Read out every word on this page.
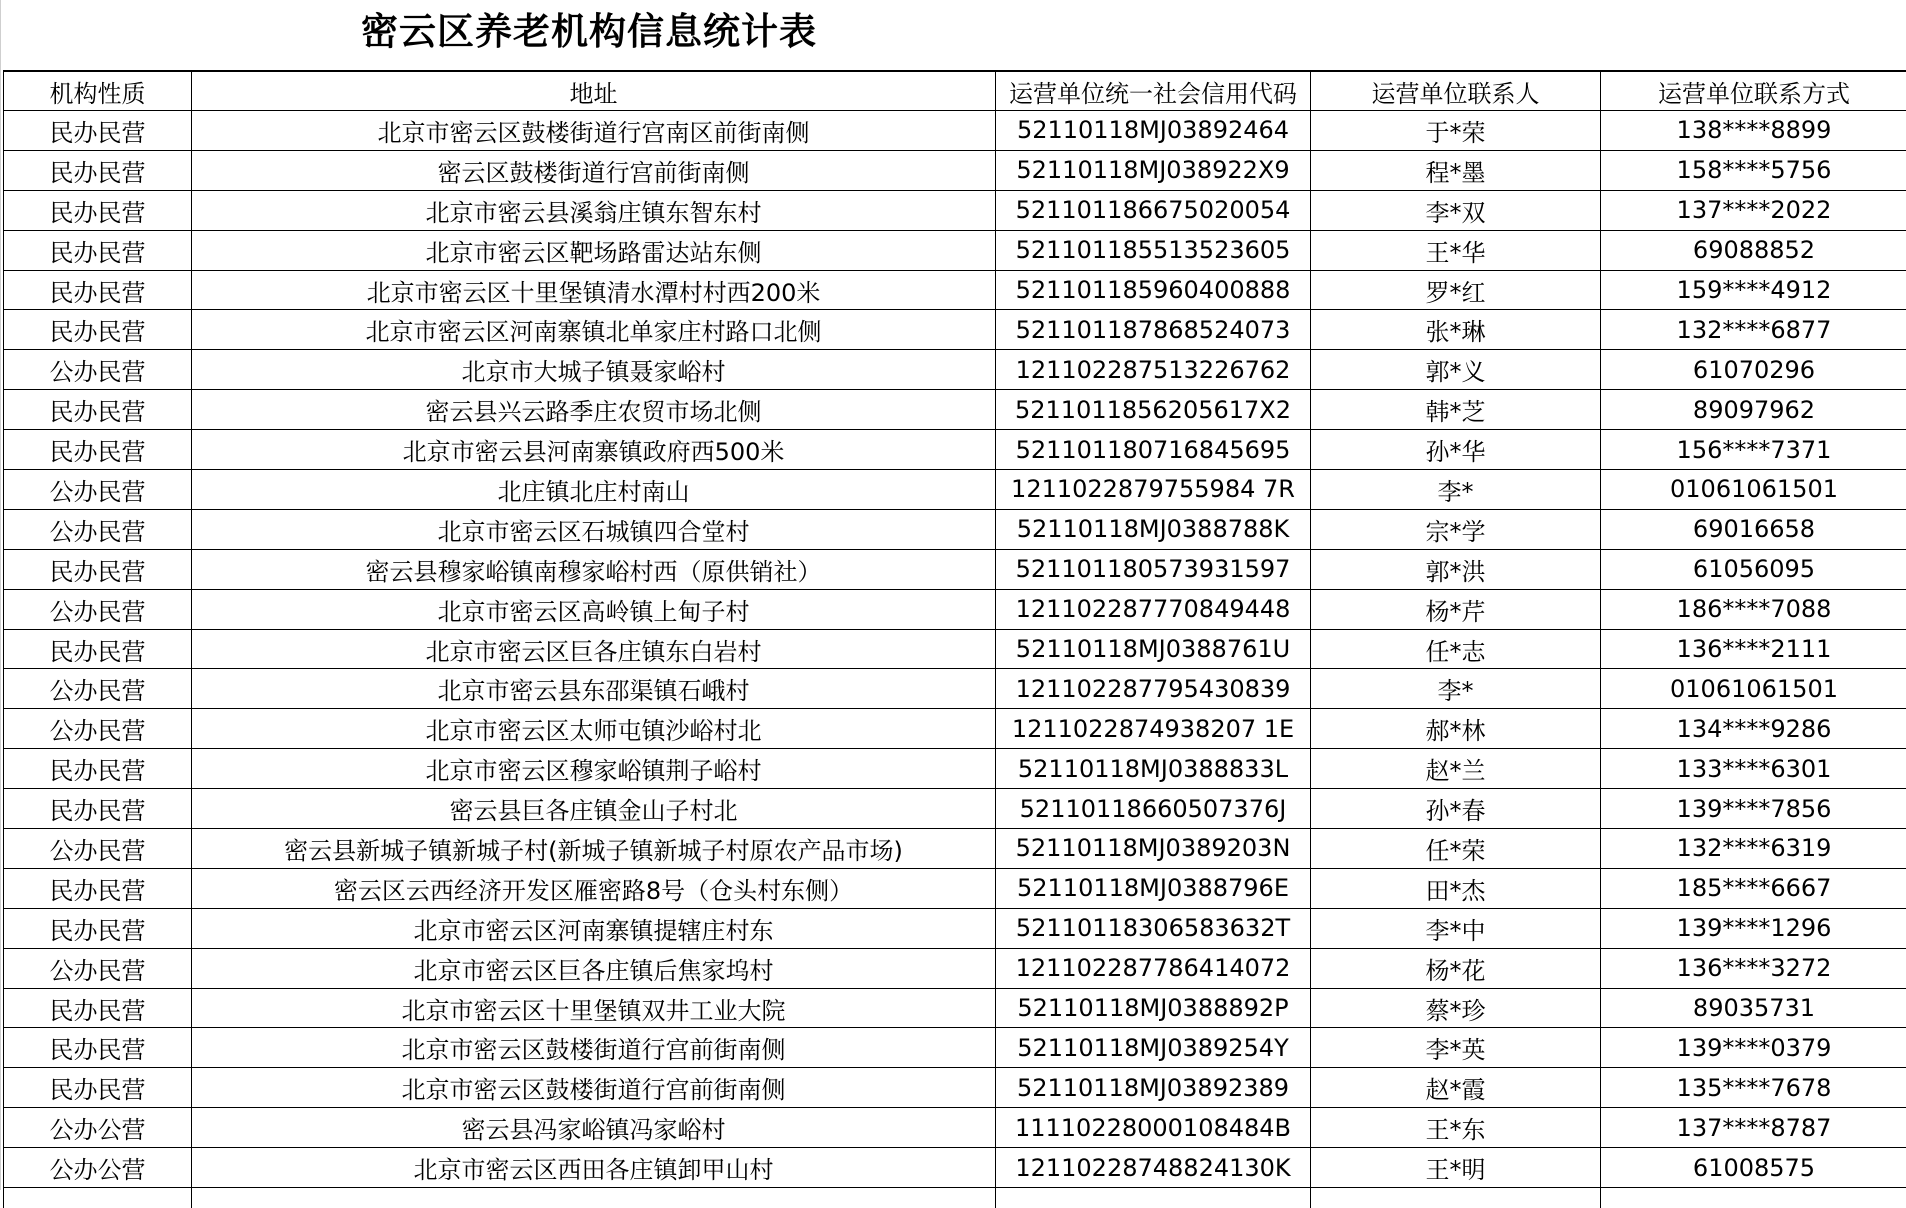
密云区养老机构信息统计表
机构性质	地址	运营单位统一社会信用代码	运营单位联系人	运营单位联系方式
民办民营	北京市密云区鼓楼街道行宫南区前街南侧	52110118MJ03892464	于*荣	138****8899
民办民营	密云区鼓楼街道行宫前街南侧	52110118MJ038922X9	程*墨	158****5756
民办民营	北京市密云县溪翁庄镇东智东村	521101186675020054	李*双	137****2022
民办民营	北京市密云区靶场路雷达站东侧	521101185513523605	王*华	69088852
民办民营	北京市密云区十里堡镇清水潭村村西200米	521101185960400888	罗*红	159****4912
民办民营	北京市密云区河南寨镇北单家庄村路口北侧	521101187868524073	张*琳	132****6877
公办民营	北京市大城子镇聂家峪村	121102287513226762	郭*义	61070296
民办民营	密云县兴云路季庄农贸市场北侧	5211011856205617X2	韩*芝	89097962
民办民营	北京市密云县河南寨镇政府西500米	521101180716845695	孙*华	156****7371
公办民营	北庄镇北庄村南山	1211022879755984 7R	李*	01061061501
公办民营	北京市密云区石城镇四合堂村	52110118MJ0388788K	宗*学	69016658
民办民营	密云县穆家峪镇南穆家峪村西（原供销社）	521101180573931597	郭*洪	61056095
公办民营	北京市密云区高岭镇上甸子村	121102287770849448	杨*芹	186****7088
民办民营	北京市密云区巨各庄镇东白岩村	52110118MJ0388761U	任*志	136****2111
公办民营	北京市密云县东邵渠镇石峨村	121102287795430839	李*	01061061501
公办民营	北京市密云区太师屯镇沙峪村北	1211022874938207 1E	郝*林	134****9286
民办民营	北京市密云区穆家峪镇荆子峪村	52110118MJ0388833L	赵*兰	133****6301
民办民营	密云县巨各庄镇金山子村北	52110118660507376J	孙*春	139****7856
公办民营	密云县新城子镇新城子村(新城子镇新城子村原农产品市场)	52110118MJ0389203N	任*荣	132****6319
民办民营	密云区云西经济开发区雁密路8号（仓头村东侧）	52110118MJ0388796E	田*杰	185****6667
民办民营	北京市密云区河南寨镇提辖庄村东	52110118306583632T	李*中	139****1296
公办民营	北京市密云区巨各庄镇后焦家坞村	121102287786414072	杨*花	136****3272
民办民营	北京市密云区十里堡镇双井工业大院	52110118MJ0388892P	蔡*珍	89035731
民办民营	北京市密云区鼓楼街道行宫前街南侧	52110118MJ0389254Y	李*英	139****0379
民办民营	北京市密云区鼓楼街道行宫前街南侧	52110118MJ03892389	赵*霞	135****7678
公办公营	密云县冯家峪镇冯家峪村	11110228000108484B	王*东	137****8787
公办公营	北京市密云区西田各庄镇卸甲山村	12110228748824130K	王*明	61008575
